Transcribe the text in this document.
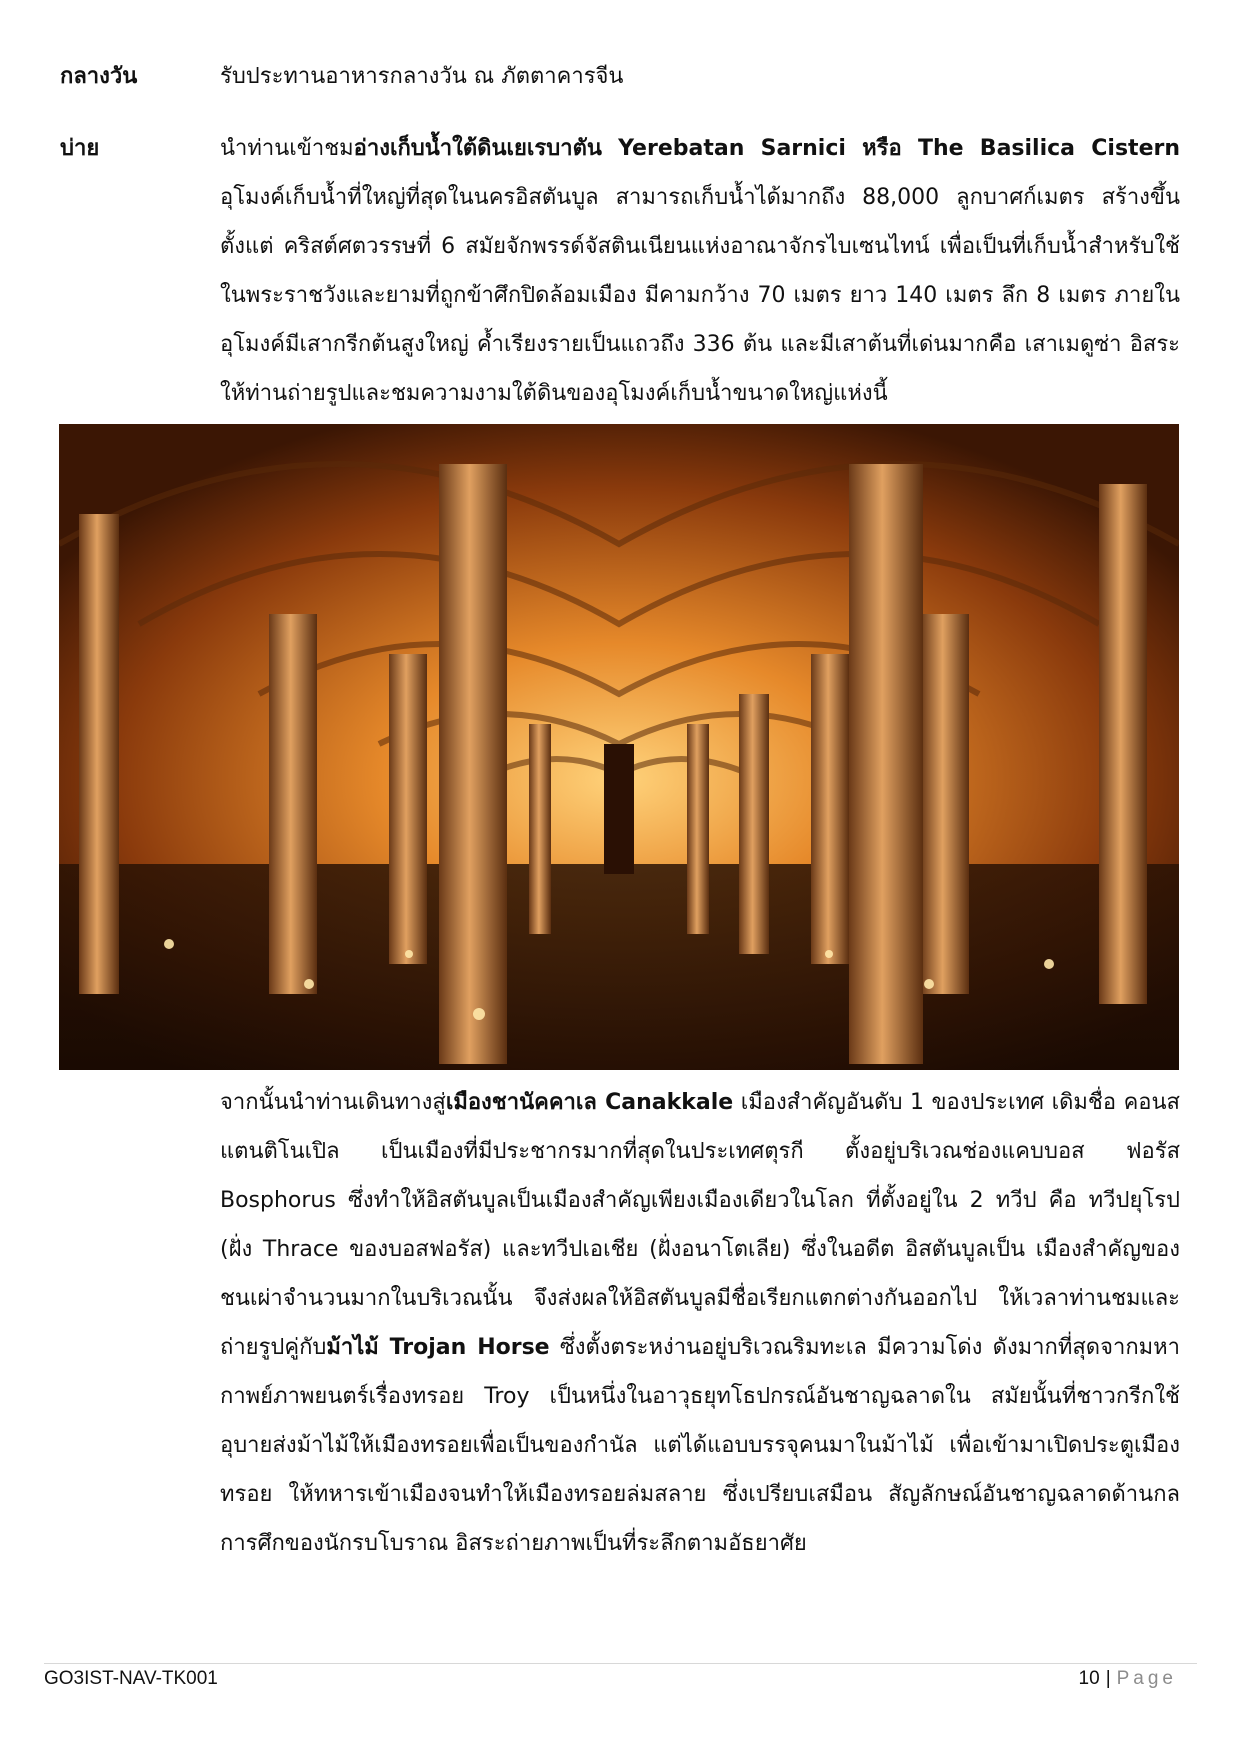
กลางวัน	รับประทานอาหารกลางวัน ณ ภัตตาคารจีน
บ่าย	นำท่านเข้าชมอ่างเก็บน้ำใต้ดินเยเรบาตัน Yerebatan Sarnici หรือ The Basilica Cistern อุโมงค์เก็บน้ำที่ใหญ่ที่สุดในนครอิสตันบูล สามารถเก็บน้ำได้มากถึง 88,000 ลูกบาศก์เมตร สร้างขึ้นตั้งแต่ คริสต์ศตวรรษที่ 6 สมัยจักพรรด์จัสตินเนียนแห่งอาณาจักรไบเซนไทน์ เพื่อเป็นที่เก็บน้ำสำหรับใช้ ในพระราชวังและยามที่ถูกข้าศึกปิดล้อมเมือง มีคามกว้าง 70 เมตร ยาว 140 เมตร ลึก 8 เมตร ภายในอุโมงค์มีเสากรีกต้นสูงใหญ่ ค้ำเรียงรายเป็นแถวถึง 336 ต้น และมีเสาต้นที่เด่นมากคือ เสาเมดูซ่า อิสระให้ท่านถ่ายรูปและชมความงามใต้ดินของอุโมงค์เก็บน้ำขนาดใหญ่แห่งนี้
จากนั้นนำท่านเดินทางสู่เมืองชานัคคาเล Canakkale เมืองสำคัญอันดับ 1 ของประเทศ เดิมชื่อ คอนสแตนติโนเปิล เป็นเมืองที่มีประชากรมากที่สุดในประเทศตุรกี ตั้งอยู่บริเวณช่องแคบบอส ฟอรัส Bosphorus ซึ่งทำให้อิสตันบูลเป็นเมืองสำคัญเพียงเมืองเดียวในโลก ที่ตั้งอยู่ใน 2 ทวีป คือ ทวีปยุโรป (ฝั่ง Thrace ของบอสฟอรัส) และทวีปเอเชีย (ฝั่งอนาโตเลีย) ซึ่งในอดีต อิสตันบูลเป็น เมืองสำคัญของชนเผ่าจำนวนมากในบริเวณนั้น จึงส่งผลให้อิสตันบูลมีชื่อเรียกแตกต่างกันออกไป ให้เวลาท่านชมและถ่ายรูปคู่กับม้าไม้ Trojan Horse ซึ่งตั้งตระหง่านอยู่บริเวณริมทะเล มีความโด่ง ดังมากที่สุดจากมหากาพย์ภาพยนตร์เรื่องทรอย Troy เป็นหนึ่งในอาวุธยุทโธปกรณ์อันชาญฉลาดใน สมัยนั้นที่ชาวกรีกใช้อุบายส่งม้าไม้ให้เมืองทรอยเพื่อเป็นของกำนัล แต่ได้แอบบรรจุคนมาในม้าไม้ เพื่อเข้ามาเปิดประตูเมืองทรอย ให้ทหารเข้าเมืองจนทำให้เมืองทรอยล่มสลาย ซึ่งเปรียบเสมือน สัญลักษณ์อันชาญฉลาดด้านกลการศึกของนักรบโบราณ อิสระถ่ายภาพเป็นที่ระลึกตามอัธยาศัย
GO3IST-NAV-TK001	10 | Page
